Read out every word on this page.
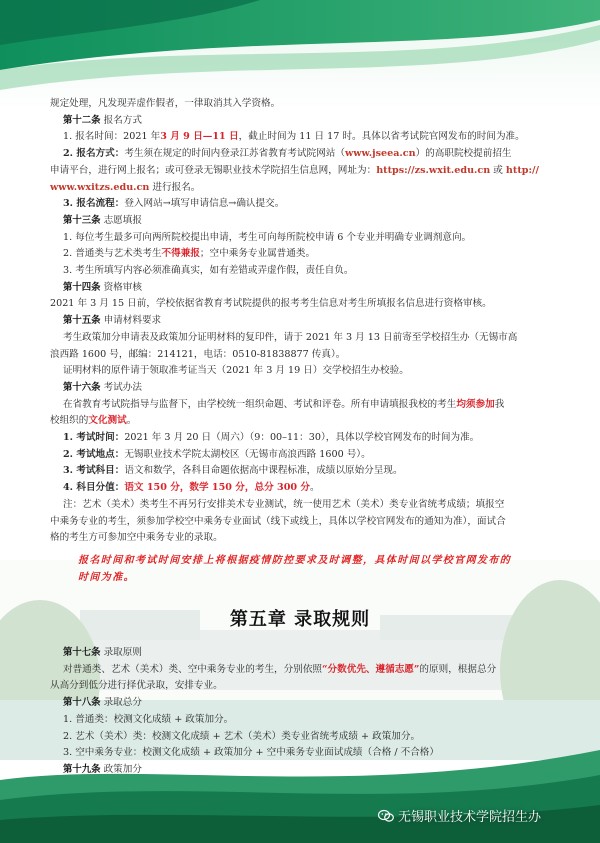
规定处理，凡发现弄虚作假者，一律取消其入学资格。

第十二条 报名方式

1. 报名时间：2021 年3 月 9 日—11 日，截止时间为 11 日 17 时。具体以省考试院官网发布的时间为准。

2. 报名方式：考生须在规定的时间内登录江苏省教育考试院网站（www.jseea.cn）的高职院校提前招生

申请平台，进行网上报名；或可登录无锡职业技术学院招生信息网，网址为：https://zs.wxit.edu.cn 或 http://

www.wxitzs.edu.cn 进行报名。

3. 报名流程：登入网站→填写申请信息→确认提交。

第十三条 志愿填报

1. 每位考生最多可向两所院校提出申请，考生可向每所院校申请 6 个专业并明确专业调剂意向。

2. 普通类与艺术类考生不得兼报；空中乘务专业属普通类。

3. 考生所填写内容必须准确真实，如有差错或弄虚作假，责任自负。

第十四条 资格审核

2021 年 3 月 15 日前，学校依据省教育考试院提供的报考考生信息对考生所填报名信息进行资格审核。

第十五条 申请材料要求

考生政策加分申请表及政策加分证明材料的复印件，请于 2021 年 3 月 13 日前寄至学校招生办（无锡市高

浪西路 1600 号，邮编：214121，电话：0510-81838877 传真）。

证明材料的原件请于领取准考证当天（2021 年 3 月 19 日）交学校招生办校验。

第十六条 考试办法

在省教育考试院指导与监督下，由学校统一组织命题、考试和评卷。所有申请填报我校的考生均须参加我

校组织的文化测试。

1. 考试时间：2021 年 3 月 20 日（周六）（9：00–11：30），具体以学校官网发布的时间为准。

2. 考试地点：无锡职业技术学院太湖校区（无锡市高浪西路 1600 号）。

3. 考试科目：语文和数学，各科目命题依据高中课程标准，成绩以原始分呈现。

4. 科目分值：语文 150 分，数学 150 分，总分 300 分。

注：艺术（美术）类考生不再另行安排美术专业测试，统一使用艺术（美术）类专业省统考成绩；填报空

中乘务专业的考生，须参加学校空中乘务专业面试（线下或线上，具体以学校官网发布的通知为准），面试合

格的考生方可参加空中乘务专业的录取。

报名时间和考试时间安排上将根据疫情防控要求及时调整，具体时间以学校官网发布的
时间为准。
第五章 录取规则

第十七条 录取原则

对普通类、艺术（美术）类、空中乘务专业的考生，分别依照“分数优先、遵循志愿”的原则，根据总分

从高分到低分进行择优录取，安排专业。

第十八条 录取总分

1. 普通类：校测文化成绩 + 政策加分。

2. 艺术（美术）类：校测文化成绩 + 艺术（美术）类专业省统考成绩 + 政策加分。

3. 空中乘务专业：校测文化成绩 + 政策加分 + 空中乘务专业面试成绩（合格 / 不合格）

第十九条 政策加分

无锡职业技术学院招生办
